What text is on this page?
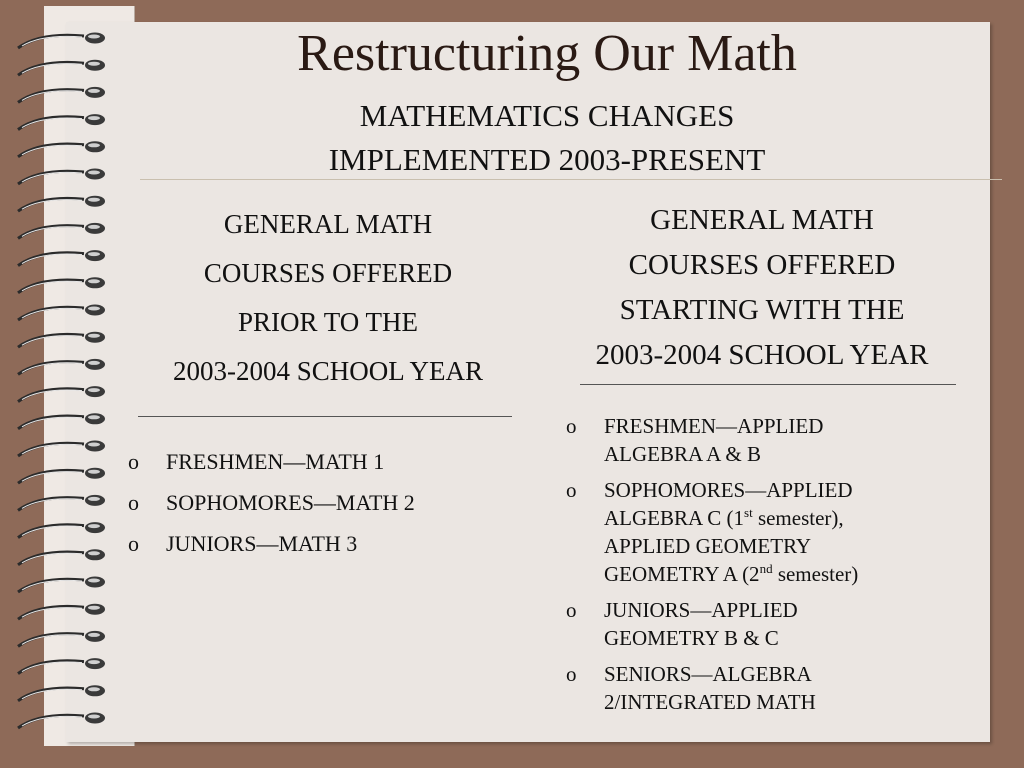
Restructuring Our Math
MATHEMATICS CHANGES
IMPLEMENTED 2003-PRESENT
GENERAL MATH
COURSES OFFERED
PRIOR TO THE
2003-2004 SCHOOL YEAR
o FRESHMEN—MATH 1
o SOPHOMORES—MATH 2
o JUNIORS—MATH 3
GENERAL MATH
COURSES OFFERED
STARTING WITH THE
2003-2004 SCHOOL YEAR
o FRESHMEN—APPLIED
ALGEBRA A & B
o SOPHOMORES—APPLIED
ALGEBRA C (1st semester),
APPLIED GEOMETRY
GEOMETRY A (2nd semester)
o JUNIORS—APPLIED
GEOMETRY B & C
o SENIORS—ALGEBRA
2/INTEGRATED MATH
